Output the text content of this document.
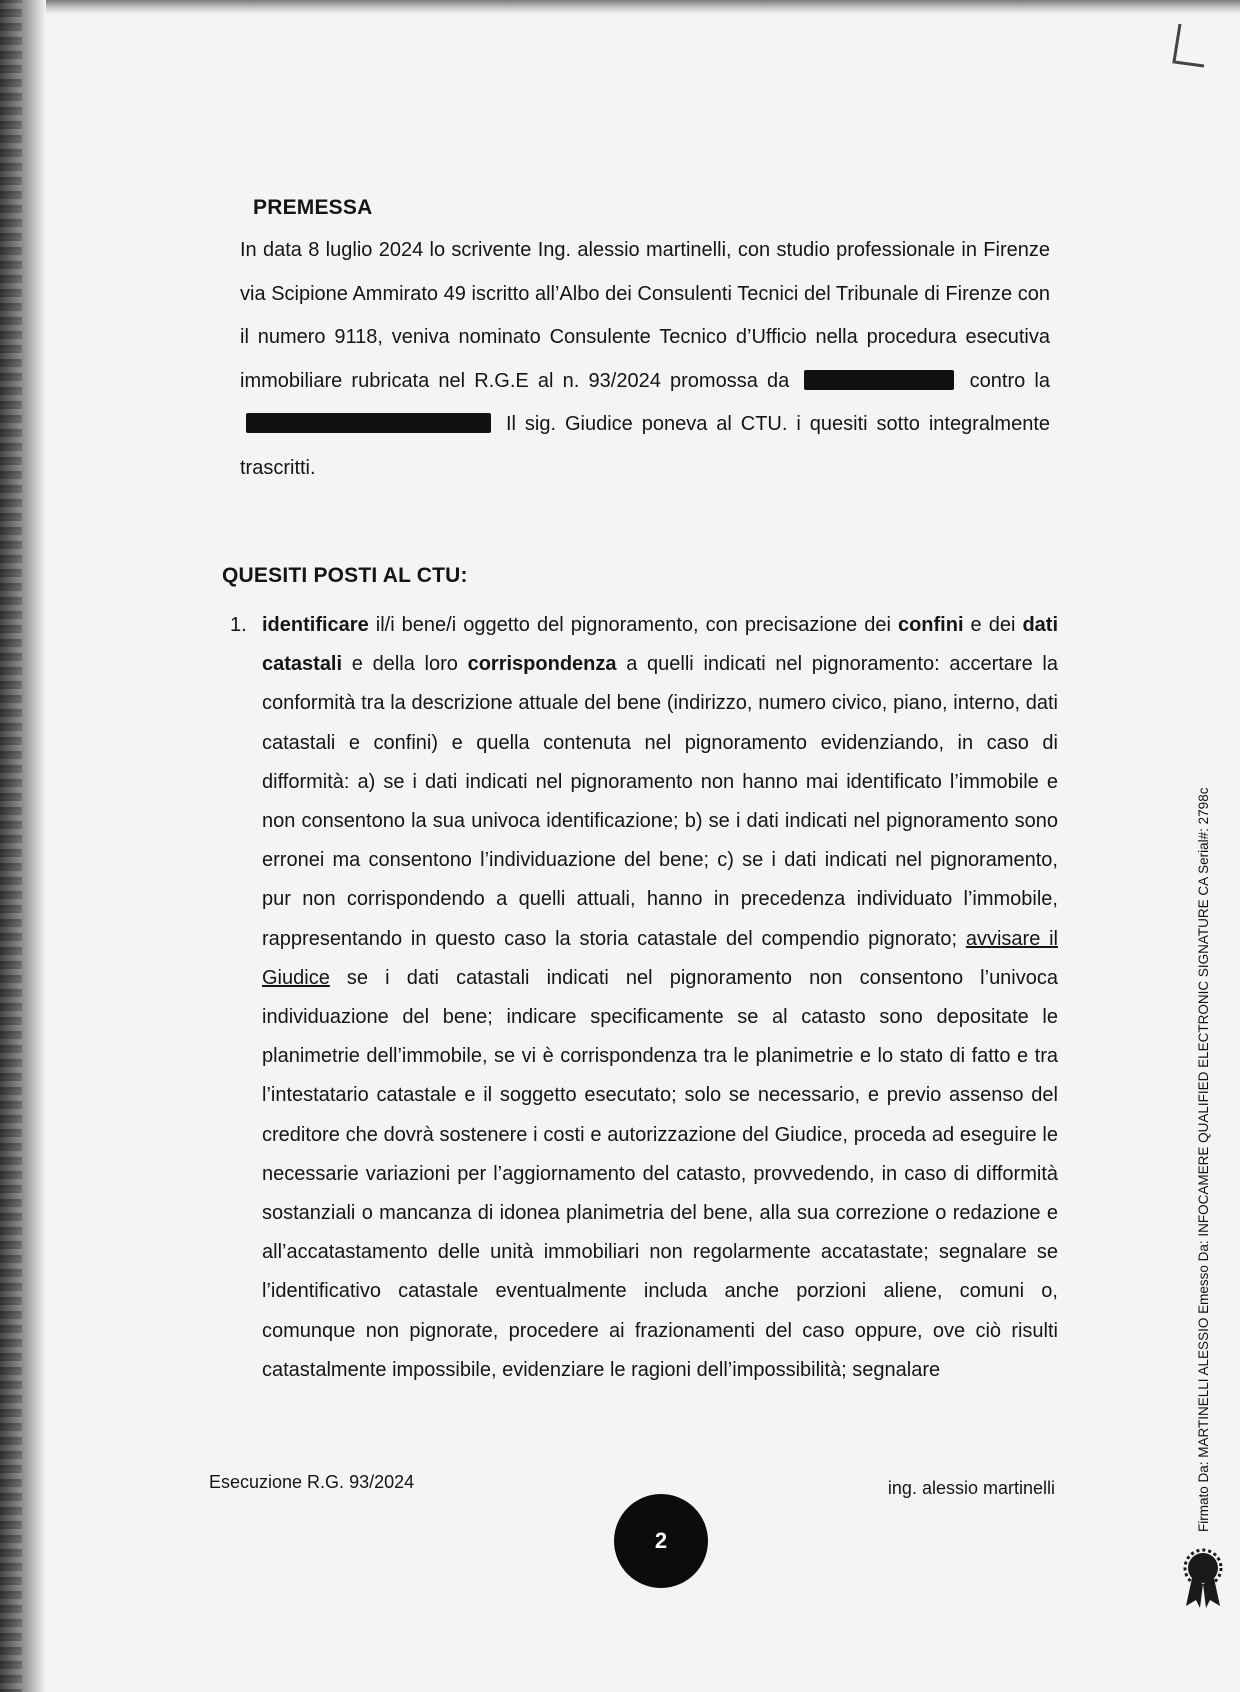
PREMESSA
In data 8 luglio 2024 lo scrivente Ing. alessio martinelli, con studio professionale in Firenze via Scipione Ammirato 49 iscritto all’Albo dei Consulenti Tecnici del Tribunale di Firenze con il numero 9118, veniva nominato Consulente Tecnico d’Ufficio nella procedura esecutiva immobiliare rubricata nel R.G.E al n. 93/2024 promossa da	contro la  Il sig. Giudice poneva al CTU. i quesiti sotto integralmente trascritti.
QUESITI POSTI AL CTU:
1. identificare il/i bene/i oggetto del pignoramento, con precisazione dei confini e dei dati catastali e della loro corrispondenza a quelli indicati nel pignoramento: accertare la conformità tra la descrizione attuale del bene (indirizzo, numero civico, piano, interno, dati catastali e confini) e quella contenuta nel pignoramento evidenziando, in caso di difformità: a) se i dati indicati nel pignoramento non hanno mai identificato l’immobile e non consentono la sua univoca identificazione; b) se i dati indicati nel pignoramento sono erronei ma consentono l’individuazione del bene; c) se i dati indicati nel pignoramento, pur non corrispondendo a quelli attuali, hanno in precedenza individuato l’immobile, rappresentando in questo caso la storia catastale del compendio pignorato; avvisare il Giudice se i dati catastali indicati nel pignoramento non consentono l’univoca individuazione del bene; indicare specificamente se al catasto sono depositate le planimetrie dell’immobile, se vi è corrispondenza tra le planimetrie e lo stato di fatto e tra l’intestatario catastale e il soggetto esecutato; solo se necessario, e previo assenso del creditore che dovrà sostenere i costi e autorizzazione del Giudice, proceda ad eseguire le necessarie variazioni per l’aggiornamento del catasto, provvedendo, in caso di difformità sostanziali o mancanza di idonea planimetria del bene, alla sua correzione o redazione e all’accatastamento delle unità immobiliari non regolarmente accatastate; segnalare se l’identificativo catastale eventualmente includa anche porzioni aliene, comuni o, comunque non pignorate, procedere ai frazionamenti del caso oppure, ove ciò risulti catastalmente impossibile, evidenziare le ragioni dell’impossibilità; segnalare
Esecuzione R.G. 93/2024	ing. alessio martinelli
2
Firmato Da: MARTINELLI ALESSIO Emesso Da: INFOCAMERE QUALIFIED ELECTRONIC SIGNATURE CA Serial#: 2798c
